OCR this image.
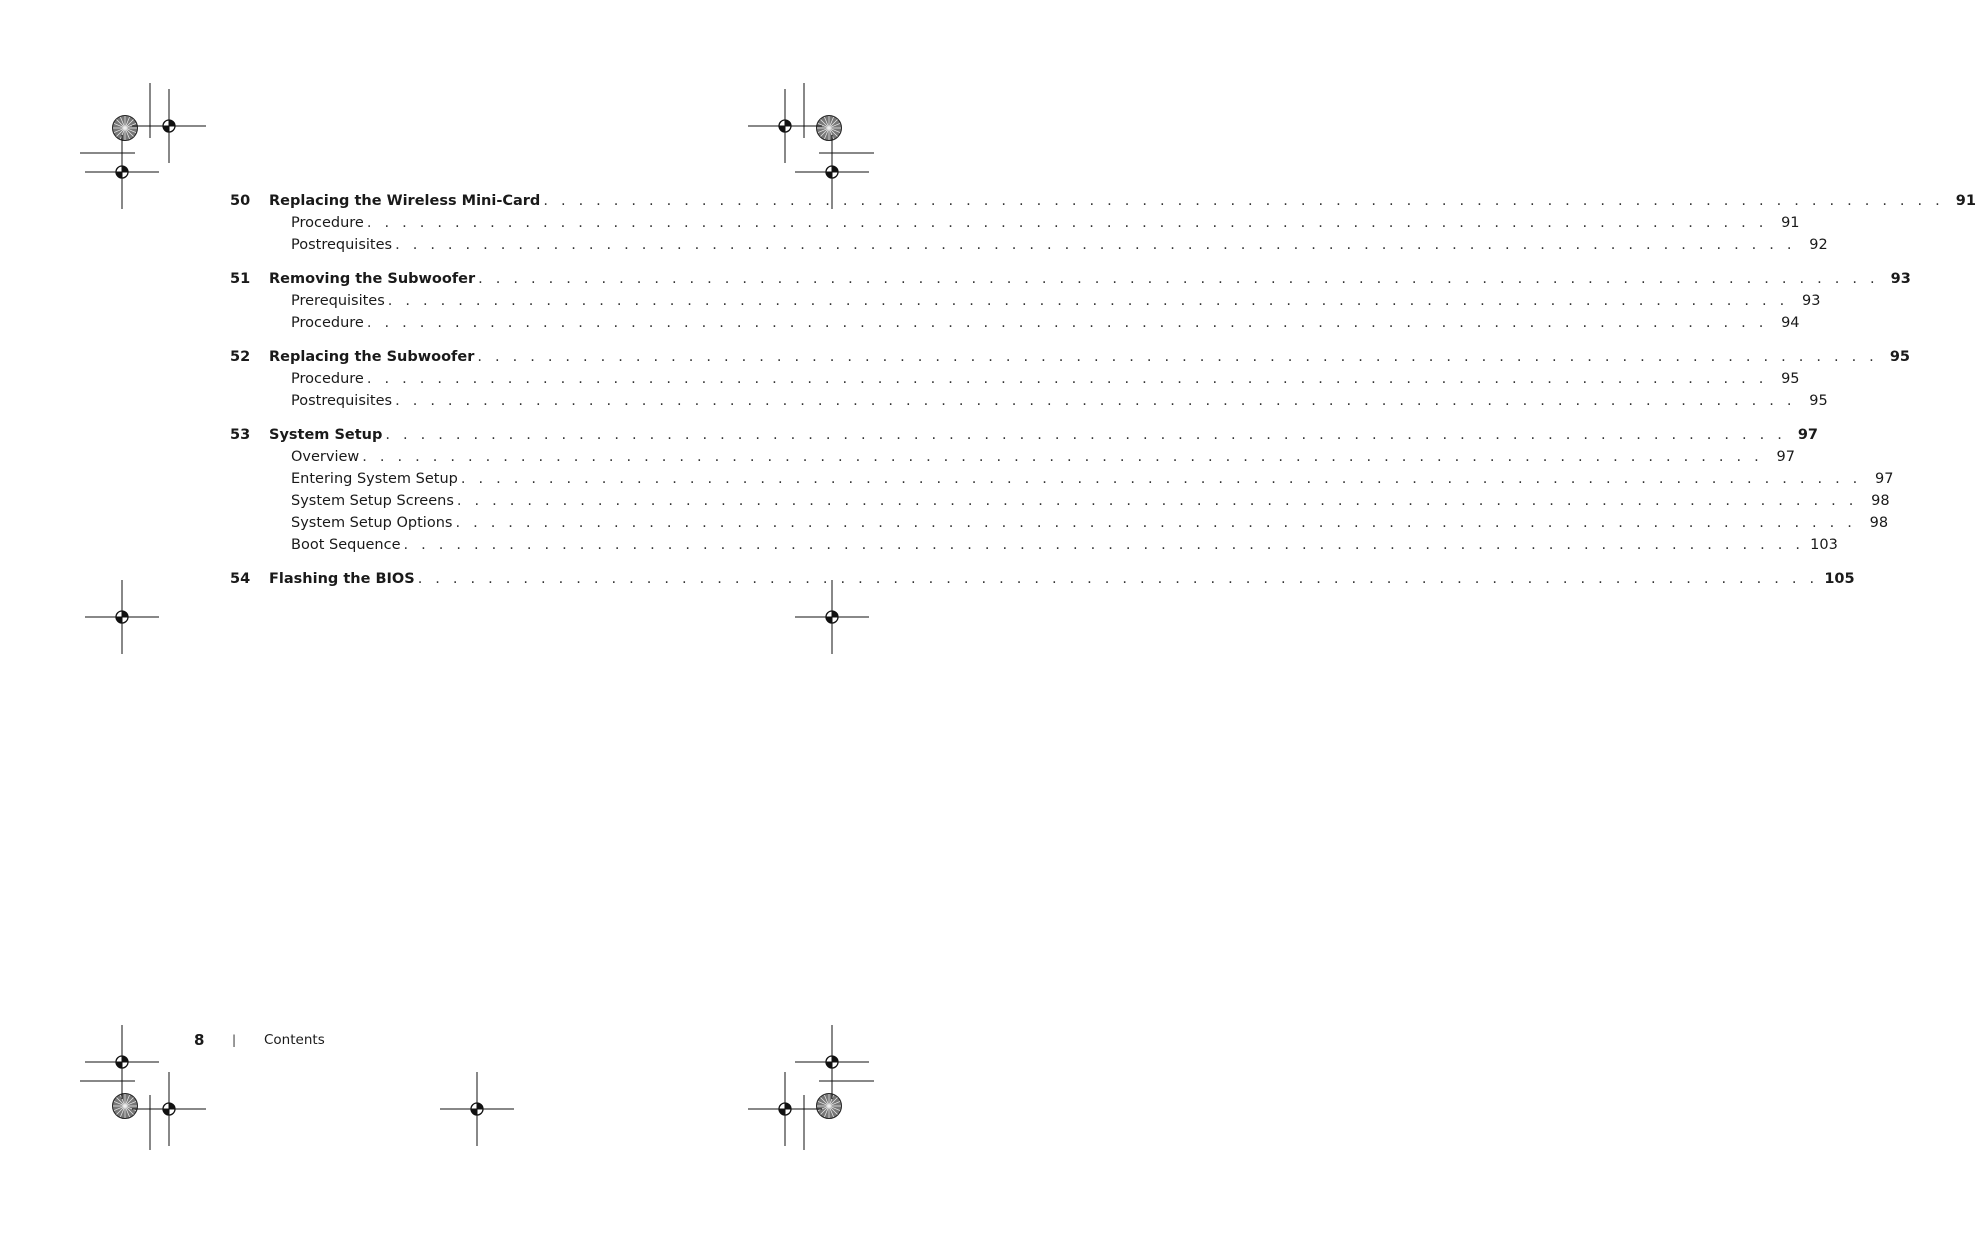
50 Replacing the Wireless Mini-Card . . . . . . . . . . . . . . . . . . . . . . . . . . . . . . . . . . . . . . . . . . . . . . . . . . . . . . . . . . . . . . . . . . . . . . . . . . . . . . . . 91
Procedure . . . . . . . . . . . . . . . . . . . . . . . . . . . . . . . . . . . . . . . . . . . . . . . . . . . . . . . . . . . . . . . . . . . . . . . . . . . . . . . . 91
Postrequisites . . . . . . . . . . . . . . . . . . . . . . . . . . . . . . . . . . . . . . . . . . . . . . . . . . . . . . . . . . . . . . . . . . . . . . . . . . . . . . . . 92
51 Removing the Subwoofer . . . . . . . . . . . . . . . . . . . . . . . . . . . . . . . . . . . . . . . . . . . . . . . . . . . . . . . . . . . . . . . . . . . . . . . . . . . . . . . . 93
Prerequisites . . . . . . . . . . . . . . . . . . . . . . . . . . . . . . . . . . . . . . . . . . . . . . . . . . . . . . . . . . . . . . . . . . . . . . . . . . . . . . . . 93
Procedure . . . . . . . . . . . . . . . . . . . . . . . . . . . . . . . . . . . . . . . . . . . . . . . . . . . . . . . . . . . . . . . . . . . . . . . . . . . . . . . . 94
52 Replacing the Subwoofer . . . . . . . . . . . . . . . . . . . . . . . . . . . . . . . . . . . . . . . . . . . . . . . . . . . . . . . . . . . . . . . . . . . . . . . . . . . . . . . . 95
Procedure . . . . . . . . . . . . . . . . . . . . . . . . . . . . . . . . . . . . . . . . . . . . . . . . . . . . . . . . . . . . . . . . . . . . . . . . . . . . . . . . 95
Postrequisites . . . . . . . . . . . . . . . . . . . . . . . . . . . . . . . . . . . . . . . . . . . . . . . . . . . . . . . . . . . . . . . . . . . . . . . . . . . . . . . . 95
53 System Setup . . . . . . . . . . . . . . . . . . . . . . . . . . . . . . . . . . . . . . . . . . . . . . . . . . . . . . . . . . . . . . . . . . . . . . . . . . . . . . . . 97
Overview . . . . . . . . . . . . . . . . . . . . . . . . . . . . . . . . . . . . . . . . . . . . . . . . . . . . . . . . . . . . . . . . . . . . . . . . . . . . . . . . 97
Entering System Setup . . . . . . . . . . . . . . . . . . . . . . . . . . . . . . . . . . . . . . . . . . . . . . . . . . . . . . . . . . . . . . . . . . . . . . . . . . . . . . . . 97
System Setup Screens . . . . . . . . . . . . . . . . . . . . . . . . . . . . . . . . . . . . . . . . . . . . . . . . . . . . . . . . . . . . . . . . . . . . . . . . . . . . . . . . 98
System Setup Options . . . . . . . . . . . . . . . . . . . . . . . . . . . . . . . . . . . . . . . . . . . . . . . . . . . . . . . . . . . . . . . . . . . . . . . . . . . . . . . . 98
Boot Sequence . . . . . . . . . . . . . . . . . . . . . . . . . . . . . . . . . . . . . . . . . . . . . . . . . . . . . . . . . . . . . . . . . . . . . . . . . . . . . . . . 103
54 Flashing the BIOS . . . . . . . . . . . . . . . . . . . . . . . . . . . . . . . . . . . . . . . . . . . . . . . . . . . . . . . . . . . . . . . . . . . . . . . . . . . . . . . . 105
8 | Contents
